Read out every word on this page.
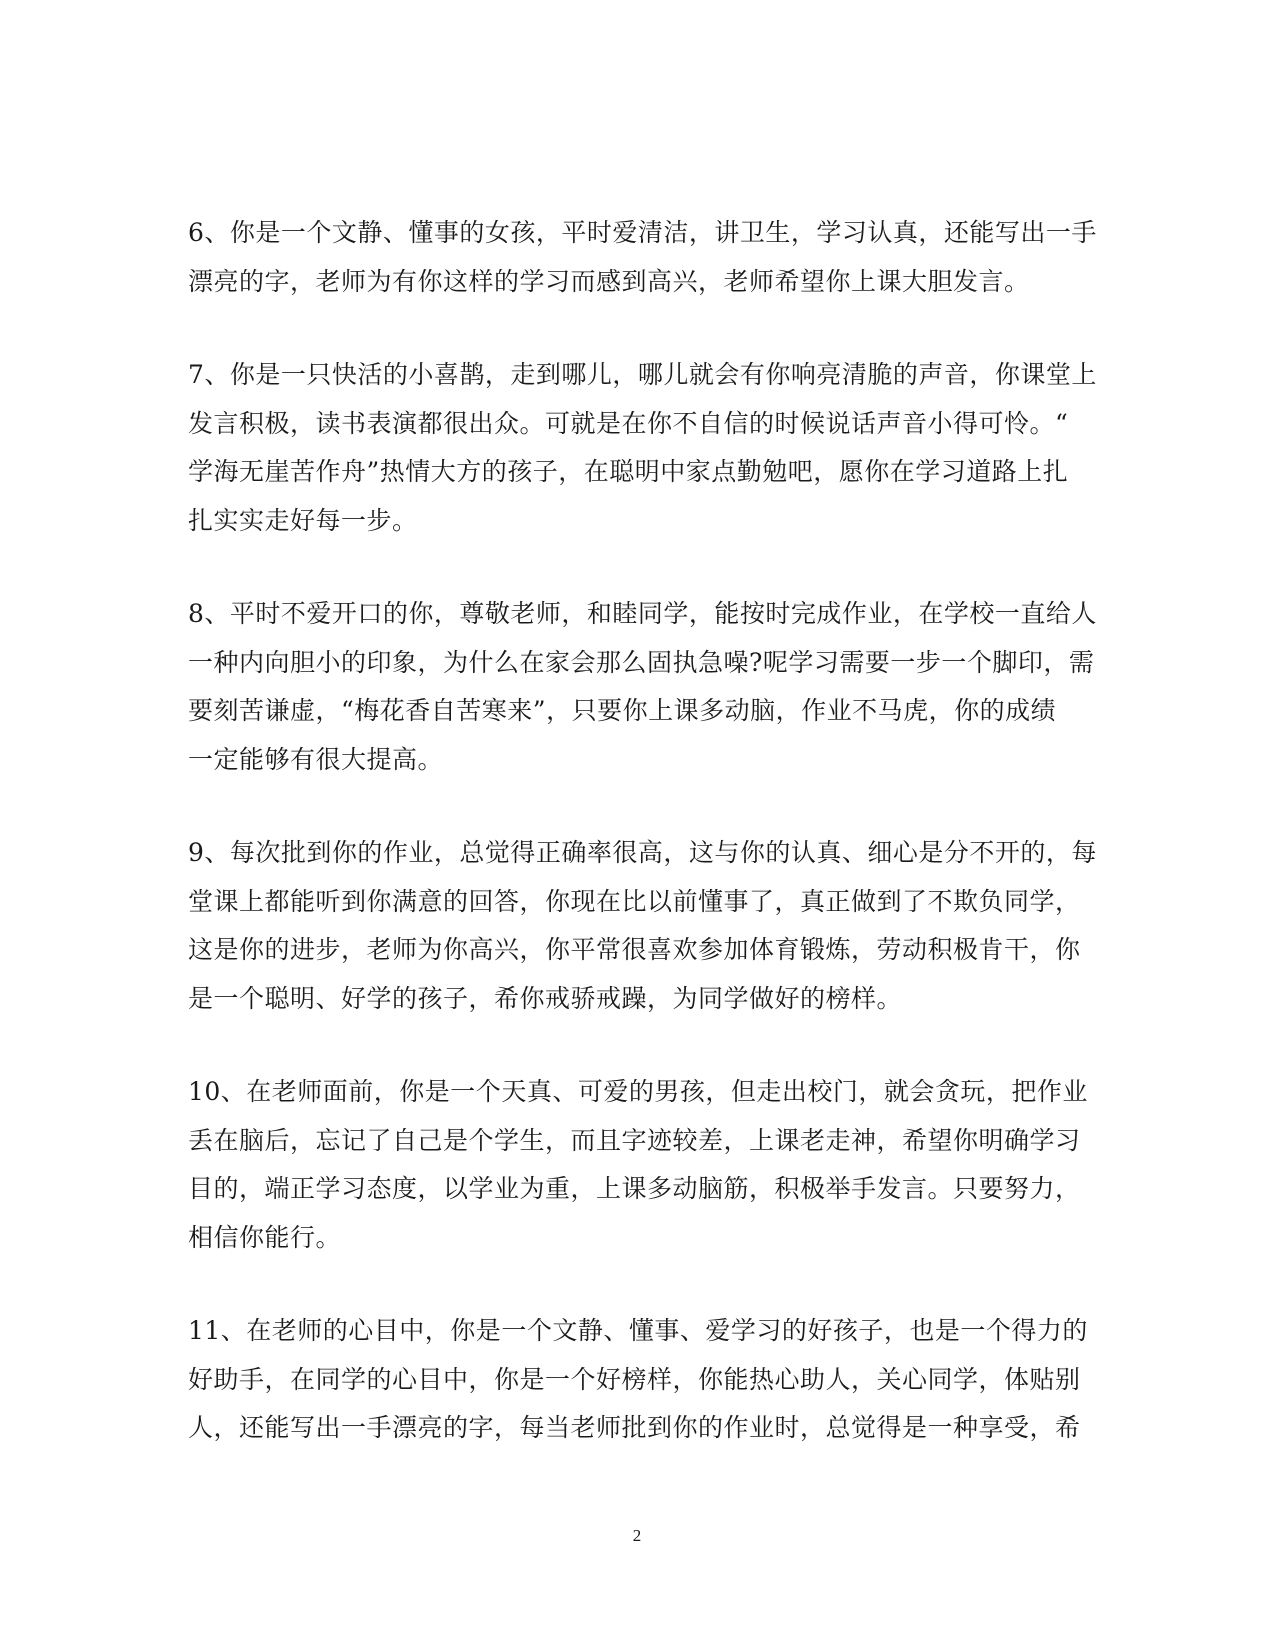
6、你是一个文静、懂事的女孩，平时爱清洁，讲卫生，学习认真，还能写出一手
漂亮的字，老师为有你这样的学习而感到高兴，老师希望你上课大胆发言。
7、你是一只快活的小喜鹊，走到哪儿，哪儿就会有你响亮清脆的声音，你课堂上
发言积极，读书表演都很出众。可就是在你不自信的时候说话声音小得可怜。“
学海无崖苦作舟”热情大方的孩子，在聪明中家点勤勉吧，愿你在学习道路上扎
扎实实走好每一步。
8、平时不爱开口的你，尊敬老师，和睦同学，能按时完成作业，在学校一直给人
一种内向胆小的印象，为什么在家会那么固执急噪?呢学习需要一步一个脚印，需
要刻苦谦虚，“梅花香自苦寒来”，只要你上课多动脑，作业不马虎，你的成绩
一定能够有很大提高。
9、每次批到你的作业，总觉得正确率很高，这与你的认真、细心是分不开的，每
堂课上都能听到你满意的回答，你现在比以前懂事了，真正做到了不欺负同学，
这是你的进步，老师为你高兴，你平常很喜欢参加体育锻炼，劳动积极肯干，你
是一个聪明、好学的孩子，希你戒骄戒躁，为同学做好的榜样。
10、在老师面前，你是一个天真、可爱的男孩，但走出校门，就会贪玩，把作业
丢在脑后，忘记了自己是个学生，而且字迹较差，上课老走神，希望你明确学习
目的，端正学习态度，以学业为重，上课多动脑筋，积极举手发言。只要努力，
相信你能行。
11、在老师的心目中，你是一个文静、懂事、爱学习的好孩子，也是一个得力的
好助手，在同学的心目中，你是一个好榜样，你能热心助人，关心同学，体贴别
人，还能写出一手漂亮的字，每当老师批到你的作业时，总觉得是一种享受，希
2
